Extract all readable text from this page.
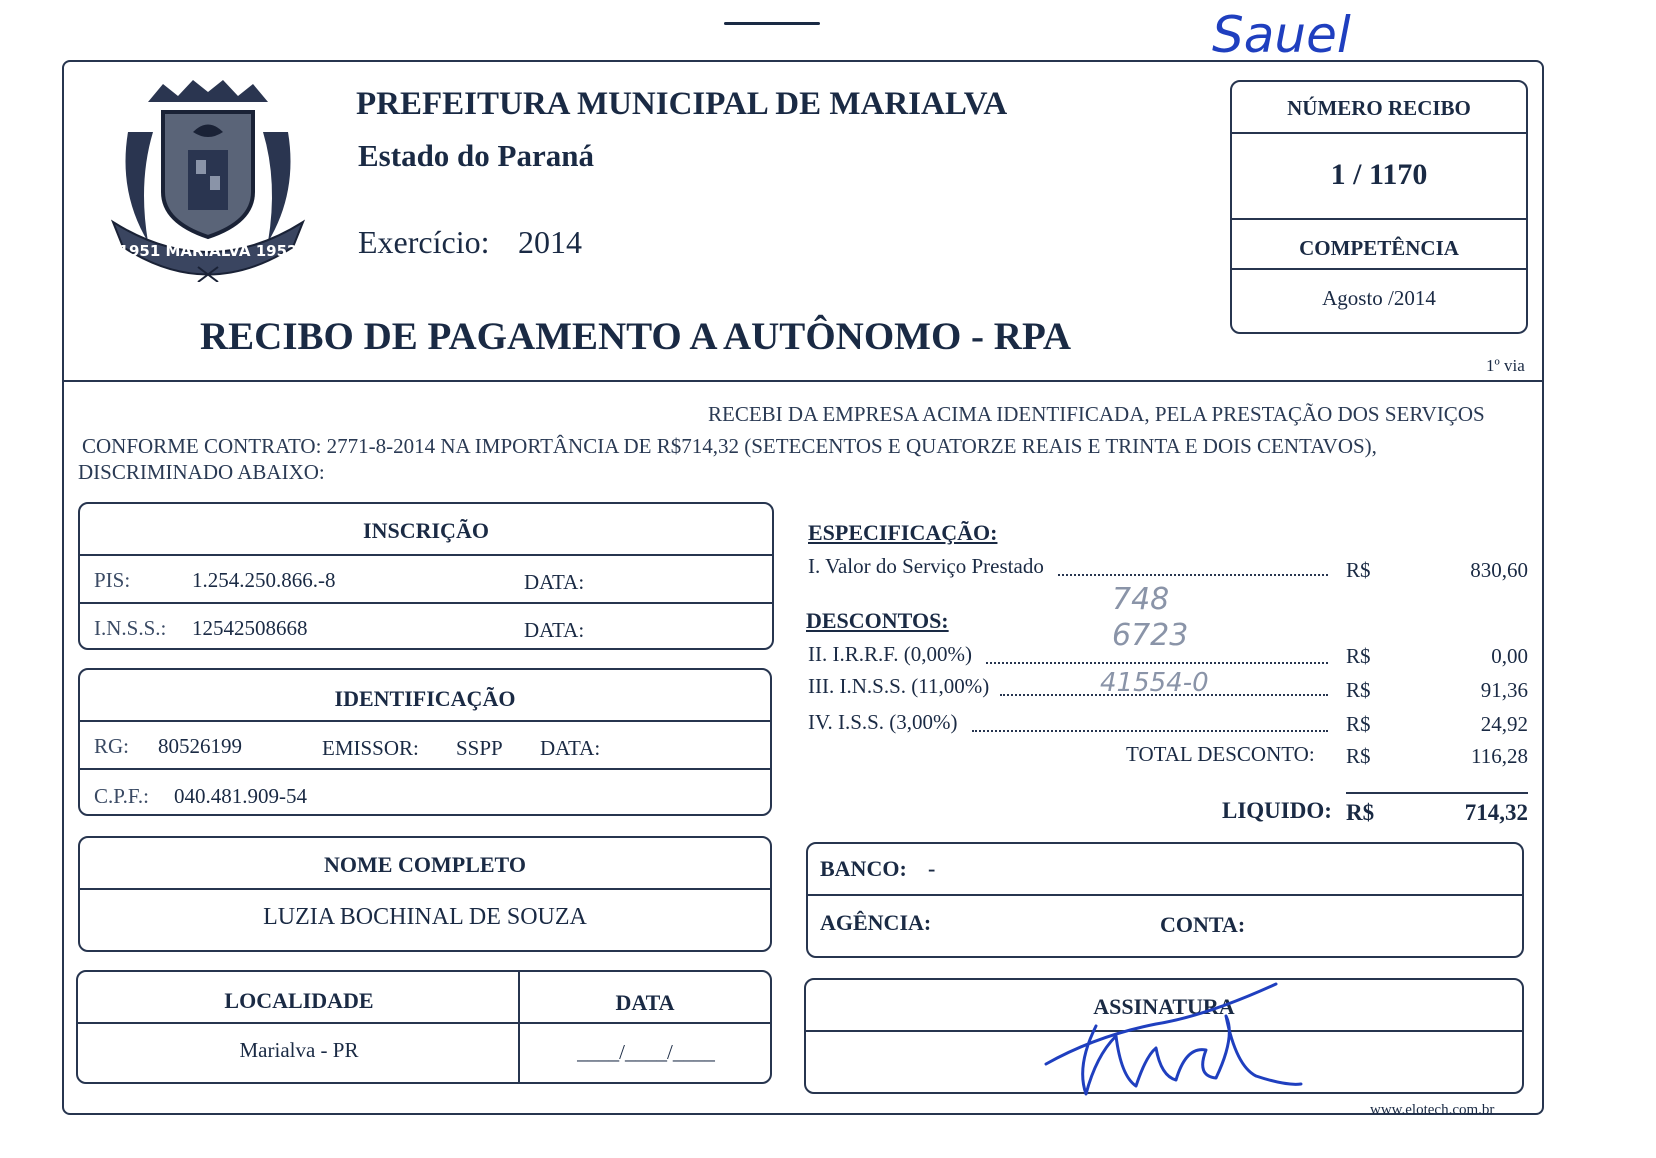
Sauel
1951 MARIALVA 1952
PREFEITURA MUNICIPAL DE MARIALVA
Estado do Paraná
Exercício: 2014
RECIBO DE PAGAMENTO A AUTÔNOMO - RPA
NÚMERO RECIBO
1 / 1170
COMPETÊNCIA
Agosto /2014
1º via
RECEBI DA EMPRESA ACIMA IDENTIFICADA, PELA PRESTAÇÃO DOS SERVIÇOS
CONFORME CONTRATO: 2771-8-2014 NA IMPORTÂNCIA DE R$714,32 (SETECENTOS E QUATORZE REAIS E TRINTA E DOIS CENTAVOS),
DISCRIMINADO ABAIXO:
INSCRIÇÃO
PIS:	1.254.250.866.-8	DATA:
I.N.S.S.: 12542508668	DATA:
IDENTIFICAÇÃO
RG: 80526199	EMISSOR: SSPP DATA:
C.P.F.: 040.481.909-54
NOME COMPLETO
LUZIA BOCHINAL DE SOUZA
LOCALIDADE	DATA
Marialva - PR	____/____/____
ESPECIFICAÇÃO:
I. Valor do Serviço Prestado	R$	830,60
748
DESCONTOS:	6723
II. I.R.R.F. (0,00%)	R$	0,00
III. I.N.S.S. (11,00%)	41554-0	R$	91,36
IV. I.S.S. (3,00%)	R$	24,92
TOTAL DESCONTO: R$	116,28
LIQUIDO: R$	714,32
BANCO: -
AGÊNCIA:	CONTA:
ASSINATURA
www.elotech.com.br
